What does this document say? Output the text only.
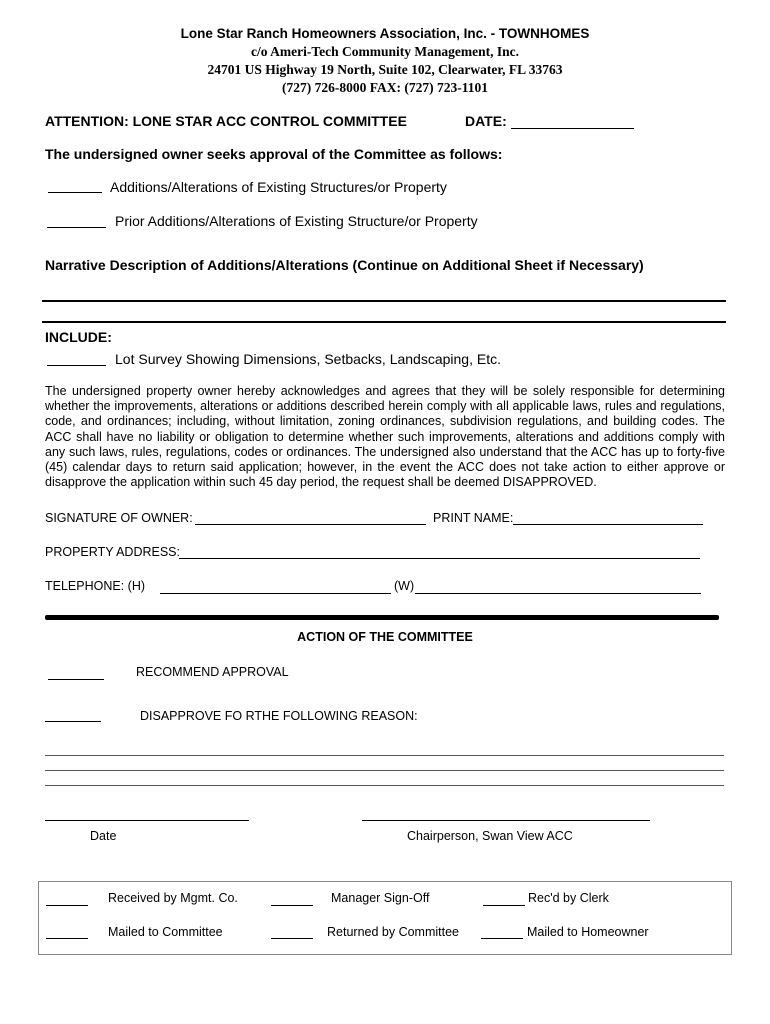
Lone Star Ranch Homeowners Association, Inc. - TOWNHOMES
c/o Ameri-Tech Community Management, Inc.
24701 US Highway 19 North, Suite 102, Clearwater, FL 33763
(727) 726-8000 FAX: (727) 723-1101
ATTENTION: LONE STAR ACC CONTROL COMMITTEE	DATE:
The undersigned owner seeks approval of the Committee as follows:
Additions/Alterations of Existing Structures/or Property
Prior Additions/Alterations of Existing Structure/or Property
Narrative Description of Additions/Alterations (Continue on Additional Sheet if Necessary)
INCLUDE:
Lot Survey Showing Dimensions, Setbacks, Landscaping, Etc.
The undersigned property owner hereby acknowledges and agrees that they will be solely responsible for determining whether the improvements, alterations or additions described herein comply with all applicable laws, rules and regulations, code, and ordinances; including, without limitation, zoning ordinances, subdivision regulations, and building codes. The ACC shall have no liability or obligation to determine whether such improvements, alterations and additions comply with any such laws, rules, regulations, codes or ordinances. The undersigned also understand that the ACC has up to forty-five (45) calendar days to return said application; however, in the event the ACC does not take action to either approve or disapprove the application within such 45 day period, the request shall be deemed DISAPPROVED.
SIGNATURE OF OWNER:	PRINT NAME:
PROPERTY ADDRESS:
TELEPHONE: (H)	(W)
ACTION OF THE COMMITTEE
RECOMMEND APPROVAL
DISAPPROVE FO RTHE FOLLOWING REASON:
Date	Chairperson, Swan View ACC
Received by Mgmt. Co.	Manager Sign-Off	Rec'd by Clerk
Mailed to Committee	Returned by Committee	Mailed to Homeowner
